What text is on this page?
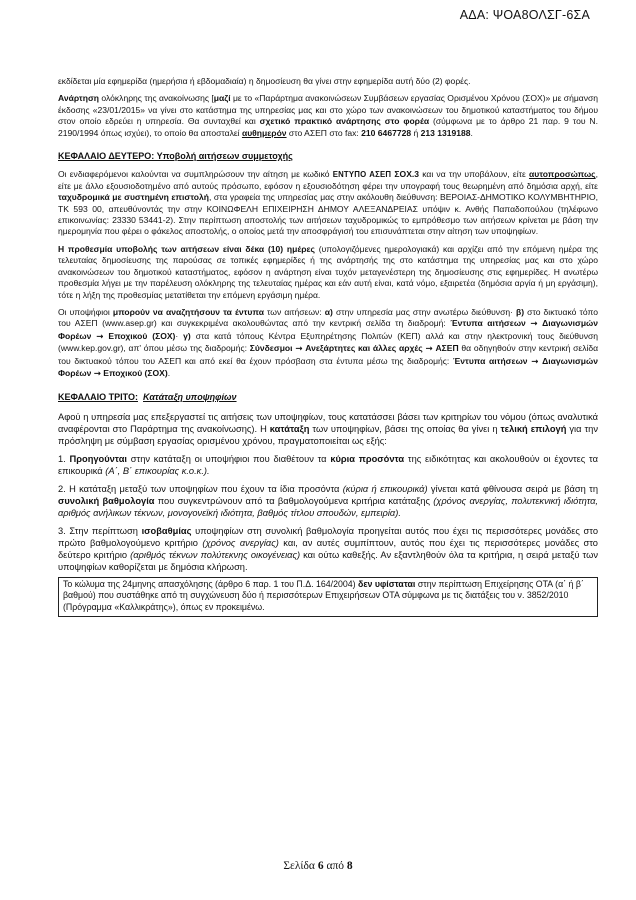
ΑΔΑ: ΨΟΑ8ΟΛΣΓ-6ΣΑ

εκδίδεται μία εφημερίδα (ημερήσια ή εβδομαδιαία) η δημοσίευση θα γίνει στην εφημερίδα αυτή δύο (2) φορές.

Ανάρτηση ολόκληρης της ανακοίνωσης [μαζί με το «Παράρτημα ανακοινώσεων Συμβάσεων εργασίας Ορισμένου Χρόνου (ΣΟΧ)» με σήμανση έκδοσης «23/01/2015» να γίνει στο κατάστημα της υπηρεσίας μας και στο χώρο των ανακοινώσεων του δημοτικού καταστήματος του δήμου στον οποίο εδρεύει η υπηρεσία. Θα συνταχθεί και σχετικό πρακτικό ανάρτησης στο φορέα (σύμφωνα με το άρθρο 21 παρ. 9 του Ν. 2190/1994 όπως ισχύει), το οποίο θα αποσταλεί αυθημερόν στο ΑΣΕΠ στο fax: 210 6467728 ή 213 1319188.

ΚΕΦΑΛΑΙΟ ΔΕΥΤΕΡΟ: Υποβολή αιτήσεων συμμετοχής

Οι ενδιαφερόμενοι καλούνται να συμπληρώσουν την αίτηση με κωδικό ΕΝΤΥΠΟ ΑΣΕΠ ΣΟΧ.3 και να την υποβάλουν, είτε αυτοπροσώπως, είτε με άλλο εξουσιοδοτημένο από αυτούς πρόσωπο, εφόσον η εξουσιοδότηση φέρει την υπογραφή τους θεωρημένη από δημόσια αρχή, είτε ταχυδρομικά με συστημένη επιστολή, στα γραφεία της υπηρεσίας μας στην ακόλουθη διεύθυνση: ΒΕΡΟΙΑΣ-ΔΗΜΟΤΙΚΟ ΚΟΛΥΜΒΗΤΗΡΙΟ, ΤΚ 593 00, απευθύνοντάς την στην ΚΟΙΝΩΦΕΛΗ ΕΠΙΧΕΙΡΗΣΗ ΔΗΜΟΥ ΑΛΕΞΑΝΔΡΕΙΑΣ υπόψιν κ. Ανθής Παπαδοπούλου (τηλέφωνο επικοινωνίας: 23330 53441-2). Στην περίπτωση αποστολής των αιτήσεων ταχυδρομικώς το εμπρόθεσμο των αιτήσεων κρίνεται με βάση την ημερομηνία που φέρει ο φάκελος αποστολής, ο οποίος μετά την αποσφράγισή του επισυνάπτεται στην αίτηση των υποψηφίων.

Η προθεσμία υποβολής των αιτήσεων είναι δέκα (10) ημέρες (υπολογιζόμενες ημερολογιακά) και αρχίζει από την επόμενη ημέρα της τελευταίας δημοσίευσης της παρούσας σε τοπικές εφημερίδες ή της ανάρτησής της στο κατάστημα της υπηρεσίας μας και στο χώρο ανακοινώσεων του δημοτικού καταστήματος, εφόσον η ανάρτηση είναι τυχόν μεταγενέστερη της δημοσίευσης στις εφημερίδες. Η ανωτέρω προθεσμία λήγει με την παρέλευση ολόκληρης της τελευταίας ημέρας και εάν αυτή είναι, κατά νόμο, εξαιρετέα (δημόσια αργία ή μη εργάσιμη), τότε η λήξη της προθεσμίας μετατίθεται την επόμενη εργάσιμη ημέρα.

Οι υποψήφιοι μπορούν να αναζητήσουν τα έντυπα των αιτήσεων: α) στην υπηρεσία μας στην ανωτέρω διεύθυνση· β) στο δικτυακό τόπο του ΑΣΕΠ (www.asep.gr) και συγκεκριμένα ακολουθώντας από την κεντρική σελίδα τη διαδρομή: Έντυπα αιτήσεων → Διαγωνισμών Φορέων → Εποχικού (ΣΟΧ)· γ) στα κατά τόπους Κέντρα Εξυπηρέτησης Πολιτών (ΚΕΠ) αλλά και στην ηλεκτρονική τους διεύθυνση (www.kep.gov.gr), απ' όπου μέσω της διαδρομής: Σύνδεσμοι → Ανεξάρτητες και άλλες αρχές → ΑΣΕΠ θα οδηγηθούν στην κεντρική σελίδα του δικτυακού τόπου του ΑΣΕΠ και από εκεί θα έχουν πρόσβαση στα έντυπα μέσω της διαδρομής: Έντυπα αιτήσεων → Διαγωνισμών Φορέων → Εποχικού (ΣΟΧ).

ΚΕΦΑΛΑΙΟ ΤΡΙΤΟ: Κατάταξη υποψηφίων

Αφού η υπηρεσία μας επεξεργαστεί τις αιτήσεις των υποψηφίων, τους κατατάσσει βάσει των κριτηρίων του νόμου (όπως αναλυτικά αναφέρονται στο Παράρτημα της ανακοίνωσης). Η κατάταξη των υποψηφίων, βάσει της οποίας θα γίνει η τελική επιλογή για την πρόσληψη με σύμβαση εργασίας ορισμένου χρόνου, πραγματοποιείται ως εξής:

1. Προηγούνται στην κατάταξη οι υποψήφιοι που διαθέτουν τα κύρια προσόντα της ειδικότητας και ακολουθούν οι έχοντες τα επικουρικά (Α΄, Β΄ επικουρίας κ.ο.κ.).

2. Η κατάταξη μεταξύ των υποψηφίων που έχουν τα ίδια προσόντα (κύρια ή επικουρικά) γίνεται κατά φθίνουσα σειρά με βάση τη συνολική βαθμολογία που συγκεντρώνουν από τα βαθμολογούμενα κριτήρια κατάταξης (χρόνος ανεργίας, πολυτεκνική ιδιότητα, αριθμός ανήλικων τέκνων, μονογονεϊκή ιδιότητα, βαθμός τίτλου σπουδών, εμπειρία).

3. Στην περίπτωση ισοβαθμίας υποψηφίων στη συνολική βαθμολογία προηγείται αυτός που έχει τις περισσότερες μονάδες στο πρώτο βαθμολογούμενο κριτήριο (χρόνος ανεργίας) και, αν αυτές συμπίπτουν, αυτός που έχει τις περισσότερες μονάδες στο δεύτερο κριτήριο (αριθμός τέκνων πολύτεκνης οικογένειας) και ούτω καθεξής. Αν εξαντληθούν όλα τα κριτήρια, η σειρά μεταξύ των υποψηφίων καθορίζεται με δημόσια κλήρωση.

Το κώλυμα της 24μηνης απασχόλησης (άρθρο 6 παρ. 1 του Π.Δ. 164/2004) δεν υφίσταται στην περίπτωση Επιχείρησης ΟΤΑ (α΄ ή β΄ βαθμού) που συστάθηκε από τη συγχώνευση δύο ή περισσότερων Επιχειρήσεων ΟΤΑ σύμφωνα με τις διατάξεις του ν. 3852/2010 (Πρόγραμμα «Καλλικράτης»), όπως εν προκειμένω.
Σελίδα 6 από 8
